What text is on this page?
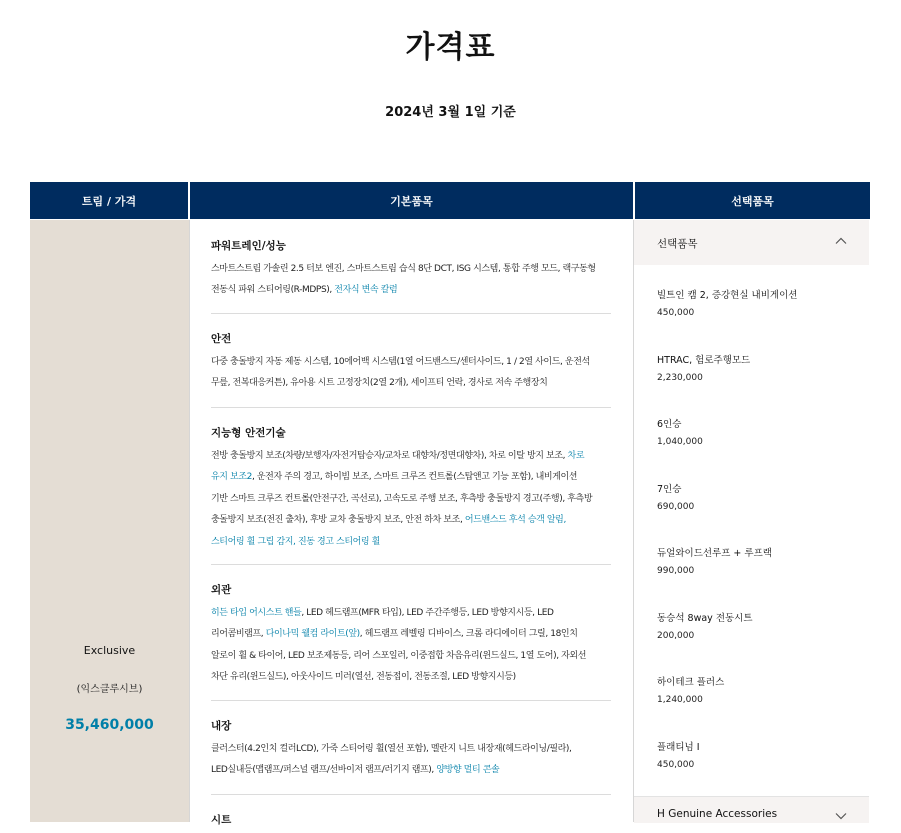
가격표
2024년 3월 1일 기준
트림 / 가격	기본품목	선택품목
Exclusive
(익스클루시브)
35,460,000
파워트레인/성능
스마트스트림 가솔린 2.5 터보 엔진, 스마트스트림 습식 8단 DCT, ISG 시스템, 통합 주행 모드, 랙구동형
전동식 파워 스티어링(R-MDPS), 전자식 변속 칼럼
안전
다중 충돌방지 자동 제동 시스템, 10에어백 시스템(1열 어드밴스드/센터사이드, 1 / 2열 사이드, 운전석
무릎, 전복대응커튼), 유아용 시트 고정장치(2열 2개), 세이프티 언락, 경사로 저속 주행장치
지능형 안전기술
전방 충돌방지 보조(차량/보행자/자전거탑승자/교차로 대향차/정면대향차), 차로 이탈 방지 보조, 차로
유지 보조2, 운전자 주의 경고, 하이빔 보조, 스마트 크루즈 컨트롤(스탑앤고 기능 포함), 내비게이션
기반 스마트 크루즈 컨트롤(안전구간, 곡선로), 고속도로 주행 보조, 후측방 충돌방지 경고(주행), 후측방
충돌방지 보조(전진 출차), 후방 교차 충돌방지 보조, 안전 하차 보조, 어드밴스드 후석 승객 알림,
스티어링 휠 그립 감지, 진동 경고 스티어링 휠
외관
히든 타입 어시스트 핸들, LED 헤드램프(MFR 타입), LED 주간주행등, LED 방향지시등, LED
리어콤비램프, 다이나믹 웰컴 라이트(앞), 헤드램프 레벨링 디바이스, 크롬 라디에이터 그릴, 18인치
알로이 휠 & 타이어, LED 보조제동등, 리어 스포일러, 이중접합 차음유리(윈드실드, 1열 도어), 자외선
차단 유리(윈드실드), 아웃사이드 미러(열선, 전동접이, 전동조절, LED 방향지시등)
내장
클러스터(4.2인치 컬러LCD), 가죽 스티어링 휠(열선 포함), 멜란지 니트 내장재(헤드라이닝/필라),
LED실내등(맵램프/퍼스널 램프/선바이저 램프/러기지 램프), 양방향 멀티 콘솔
시트
선택품목
빌트인 캠 2, 증강현실 내비게이션
450,000
HTRAC, 험로주행모드
2,230,000
6인승
1,040,000
7인승
690,000
듀얼와이드선루프 + 루프랙
990,000
동승석 8way 전동시트
200,000
하이테크 플러스
1,240,000
플래티넘 I
450,000
H Genuine Accessories
